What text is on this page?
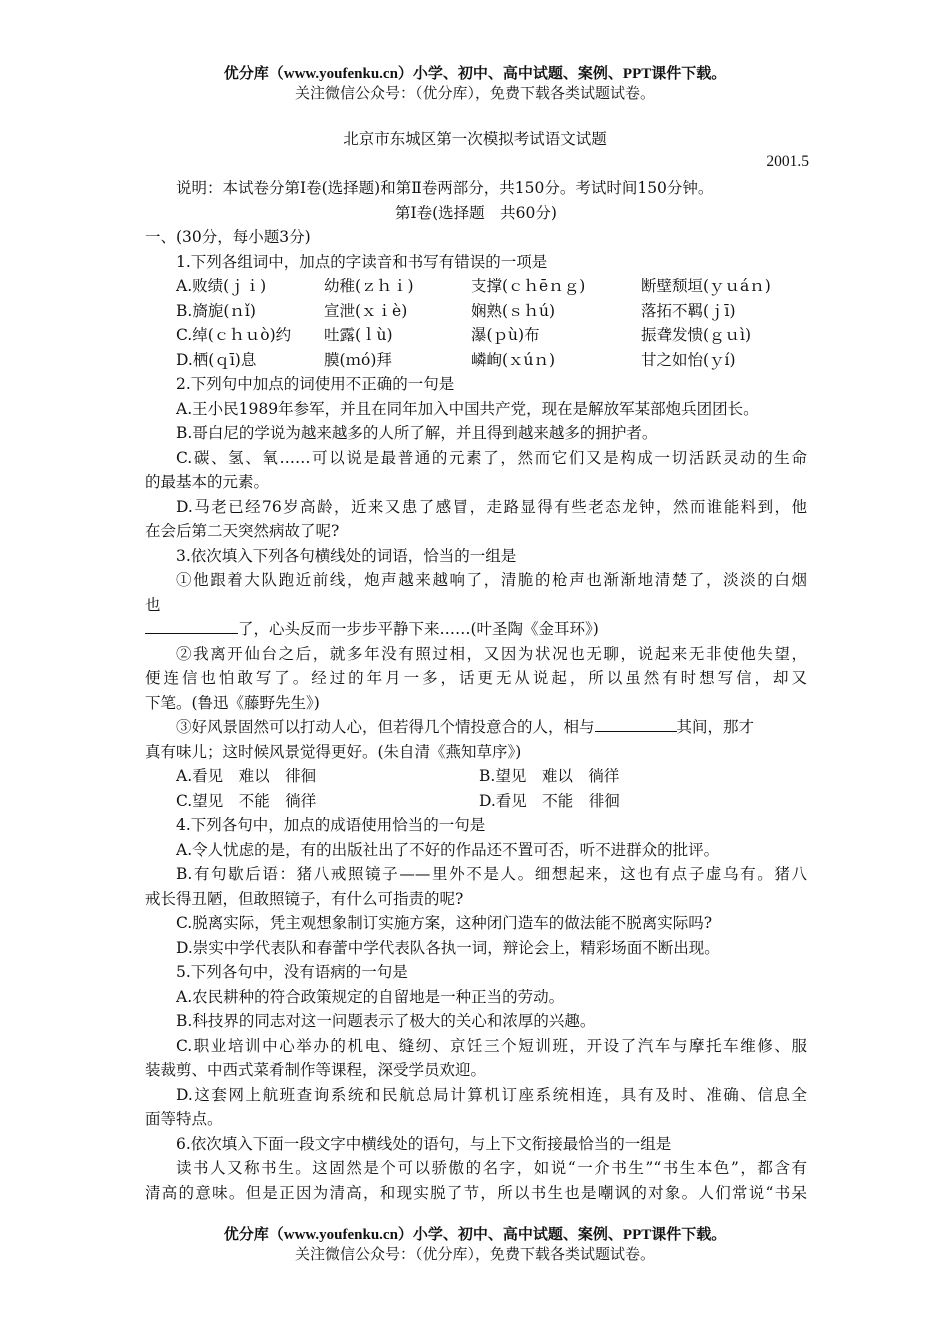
优分库（www.youfenku.cn）小学、初中、高中试题、案例、PPT课件下载。
关注微信公众号：（优分库），免费下载各类试题试卷。
北京市东城区第一次模拟考试语文试题
2001.5
说明：本试卷分第Ⅰ卷(选择题)和第Ⅱ卷两部分，共150分。考试时间150分钟。
第Ⅰ卷(选择题　共60分)
一、(30分，每小题3分)
1.下列各组词中，加点的字读音和书写有错误的一项是
A.败绩(ｊｉ)	幼稚(ｚｈｉ)	支撑(ｃｈēｎｇ)	断壁颓垣(ｙｕáｎ)
B.旖旎(ｎǐ)	宣泄(ｘｉè)	娴熟(ｓｈú)	落拓不羁(ｊī)
C.绰(ｃｈｕò)约	吐露(ｌù)	瀑(ｐù)布	振聋发愦(ｇｕì)
D.栖(ｑī)息	膜(ｍó)拜	嶙峋(ｘúｎ)	甘之如怡(ｙí)
2.下列句中加点的词使用不正确的一句是
A.王小民1989年参军，并且在同年加入中国共产党，现在是解放军某部炮兵团团长。
B.哥白尼的学说为越来越多的人所了解，并且得到越来越多的拥护者。
C.碳、氢、氧……可以说是最普通的元素了，然而它们又是构成一切活跃灵动的生命
的最基本的元素。
D.马老已经76岁高龄，近来又患了感冒，走路显得有些老态龙钟，然而谁能料到，他
在会后第二天突然病故了呢?
3.依次填入下列各句横线处的词语，恰当的一组是
①他跟着大队跑近前线，炮声越来越响了，清脆的枪声也渐渐地清楚了，淡淡的白烟
也
了，心头反而一步步平静下来……(叶圣陶《金耳环》)
②我离开仙台之后，就多年没有照过相，又因为状况也无聊，说起来无非使他失望，
便连信也怕敢写了。经过的年月一多，话更无从说起，所以虽然有时想写信，却又
下笔。(鲁迅《藤野先生》)
③好风景固然可以打动人心，但若得几个情投意合的人，相与	其间，那才
真有味儿；这时候风景觉得更好。(朱自清《燕知草序》)
A.看见　难以　徘徊	B.望见　难以　徜徉
C.望见　不能　徜徉	D.看见　不能　徘徊
4.下列各句中，加点的成语使用恰当的一句是
A.令人忧虑的是，有的出版社出了不好的作品还不置可否，听不进群众的批评。
B.有句歇后语：猪八戒照镜子——里外不是人。细想起来，这也有点子虚乌有。猪八
戒长得丑陋，但敢照镜子，有什么可指责的呢?
C.脱离实际，凭主观想象制订实施方案，这种闭门造车的做法能不脱离实际吗?
D.崇实中学代表队和春蕾中学代表队各执一词，辩论会上，精彩场面不断出现。
5.下列各句中，没有语病的一句是
A.农民耕种的符合政策规定的自留地是一种正当的劳动。
B.科技界的同志对这一问题表示了极大的关心和浓厚的兴趣。
C.职业培训中心举办的机电、缝纫、京饪三个短训班，开设了汽车与摩托车维修、服
装裁剪、中西式菜肴制作等课程，深受学员欢迎。
D.这套网上航班查询系统和民航总局计算机订座系统相连，具有及时、准确、信息全
面等特点。
6.依次填入下面一段文字中横线处的语句，与上下文衔接最恰当的一组是
读书人又称书生。这固然是个可以骄傲的名字，如说“一介书生”“书生本色”，都含有
清高的意味。但是正因为清高，和现实脱了节，所以书生也是嘲讽的对象。人们常说“书呆
优分库（www.youfenku.cn）小学、初中、高中试题、案例、PPT课件下载。
关注微信公众号：（优分库），免费下载各类试题试卷。
